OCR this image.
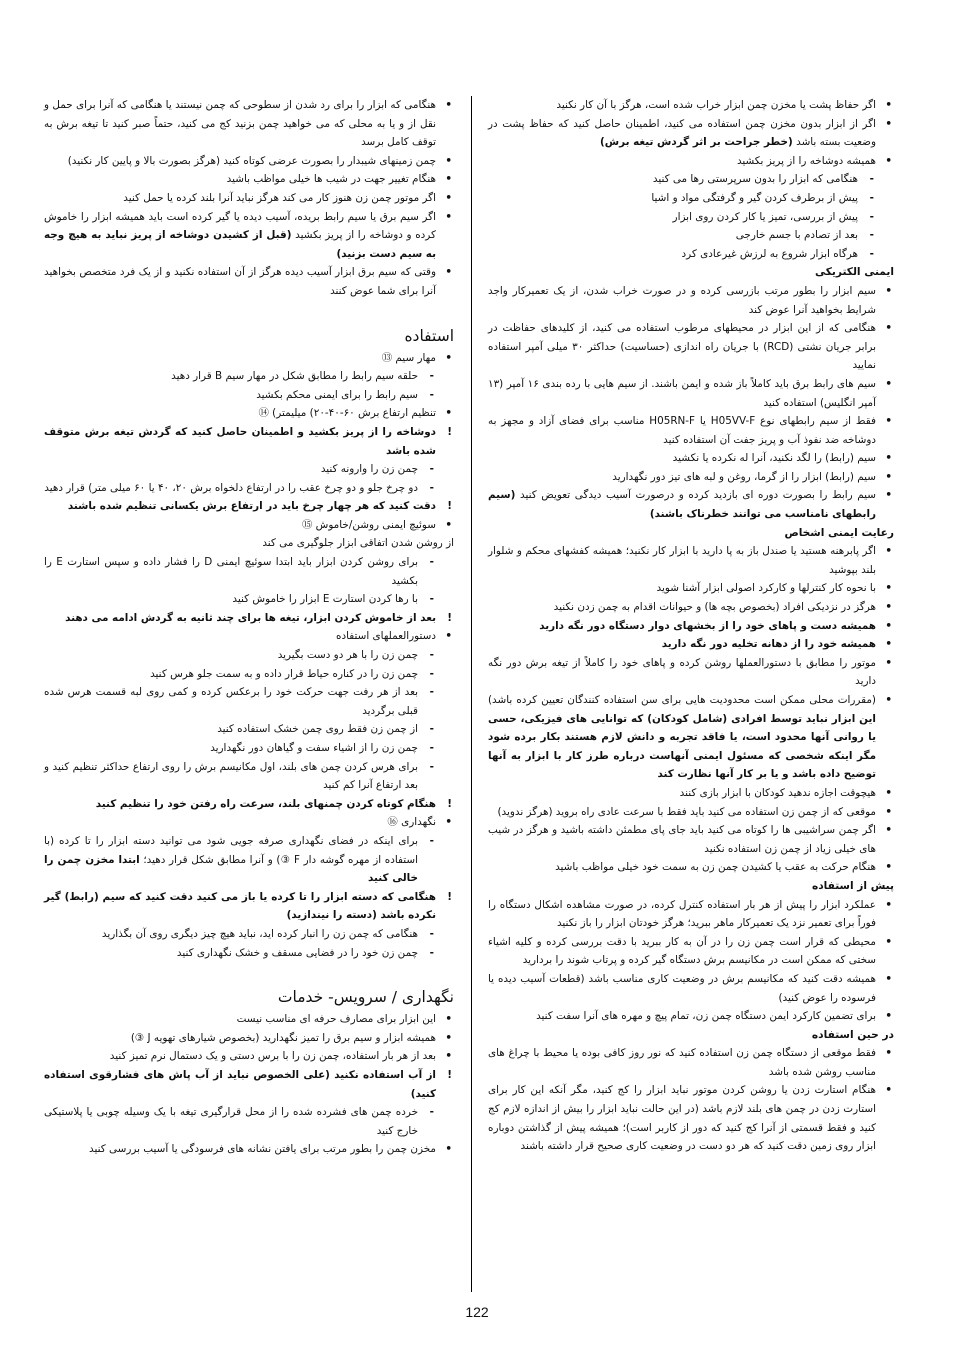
•
اگر حفاظ پشت یا مخزن چمن ابزار خراب شده است، هرگز با آن کار نکنید
•
اگر از ابزار بدون مخزن چمن استفاده می کنید، اطمینان حاصل کنید که حفاظ پشت در وضعیت بسته باشد (خطر جراحت بر اثر گردش تیغه برش)
•
همیشه دوشاخه را از پریز بکشید
-
هنگامی که ابزار را بدون سرپرستی رها می کنید
-
پیش از برطرف کردن گیر و گرفتگی مواد و اشیا
-
پیش از بررسی، تمیز یا کار کردن روی ابزار
-
بعد از تصادم با جسم خارجی
-
هرگاه ابزار شروع به لرزش غیرعادی کرد
ایمنی الکتریکی
•
سیم ابزار را بطور مرتب بازرسی کرده و در صورت خراب شدن، از یک تعمیرکار واجد شرایط بخواهید آنرا عوض کند
•
هنگامی که از این ابزار در محیطهای مرطوب استفاده می کنید، از کلیدهای حفاظت در برابر جریان نشتی (RCD) با جریان راه اندازی (حساسیت) حداکثر ۳۰ میلی آمپر استفاده نمایید
•
سیم های رابط برق باید کاملاً باز شده و ایمن باشند. از سیم هایی با رده بندی ۱۶ آمپر (۱۳ آمپر انگلیس) استفاده کنید
•
فقط از سیم رابطهای نوع H05VV-F یا H05RN-F مناسب برای فضای آزاد و مجهز به دوشاخه ضد نفوذ آب و پریز جفت آن استفاده کنید
•
سیم (رابط) را لگد نکنید، آنرا له نکرده یا نکشید
•
سیم (رابط) ابزار را از گرما، روغن و لبه های تیز دور نگهدارید
•
سیم رابط را بصورت دوره ای بازدید کرده و درصورت آسیب دیدگی تعویض کنید (سیم رابطهای نامناسب می توانند خطرناک باشند)
رعایت ایمنی اشخاص
•
اگر پابرهنه هستید یا صندل باز به پا دارید با ابزار کار نکنید؛ همیشه کفشهای محکم و شلوار بلند بپوشید
•
با نحوه کار کنترلها و کارکرد اصولی ابزار آشنا شوید
•
هرگز در نزدیکی افراد (بخصوص بچه ها) و حیوانات اقدام به چمن زدن نکنید
•
همیشه دست و پاهای خود را از بخشهای دوار دستگاه دور نگه دارید
•
همیشه خود را از دهانه تخلیه دور نگه دارید
•
موتور را مطابق با دستورالعملها روشن کرده و پاهای خود را کاملاً از تیغه برش دور نگه دارید
•
(مقررات محلی ممکن است محدودیت هایی برای سن استفاده کنندگان تعیین کرده باشد) این ابزار نباید توسط افرادی (شامل کودکان) که توانایی های فیزیکی، حسی یا روانی آنها محدود است، یا فاقد تجربه و دانش لازم هستند بکار برده شود مگر اینکه شخصی که مسئول ایمنی آنهاست درباره طرز کار با ابزار به آنها توضیح داده باشد و یا بر کار آنها نظارت کند
•
هیچوقت اجازه ندهید کودکان با ابزار بازی کنند
•
موقعی که از چمن زن استفاده می کنید باید فقط با سرعت عادی راه بروید (هرگز ندوید)
•
اگر چمن سراشیبی ها را کوتاه می کنید باید جای پای مطمئن داشته باشید و هرگز در شیب های خیلی زیاد از چمن زن استفاده نکنید
•
هنگام حرکت به عقب یا کشیدن چمن زن به سمت خود خیلی مواظب باشید
پیش از استفاده
•
عملکرد ابزار را پیش از هر بار استفاده کنترل کرده، در صورت مشاهده اشکال دستگاه را فوراً برای تعمیر نزد یک تعمیرکار ماهر ببرید؛ هرگز خودتان ابزار را باز نکنید
•
محیطی که قرار است چمن زن را در آن به کار ببرید با دقت بررسی کرده و کلیه اشیاء سختی که ممکن است در مکانیسم برش دستگاه گیر کرده و پرتاب شوند را بردارید
•
همیشه دقت کنید که مکانیسم برش در وضعیت کاری مناسب باشد (قطعات آسیب دیده یا فرسوده را عوض کنید)
•
برای تضمین کارکرد ایمن دستگاه چمن زن، تمام پیچ و مهره های آنرا سفت کنید
در حین استفاده
•
فقط موقعی از دستگاه چمن زن استفاده کنید که نور روز کافی بوده یا محیط با چراغ های مناسب روشن شده باشد
•
هنگام استارت زدن یا روشن کردن موتور نباید ابزار را کج کنید، مگر آنکه این کار برای استارت زدن در چمن های بلند لازم باشد (در این حالت نباید ابزار را بیش از اندازه لازم کج کنید و فقط قسمتی از آنرا کج کنید که دور از کاربر است)؛ همیشه پیش از گذاشتن دوباره ابزار روی زمین دقت کنید که هر دو دست در وضعیت کاری صحیح قرار داشته باشند
•
هنگامی که ابزار را برای رد شدن از سطوحی که چمن نیستند یا هنگامی که آنرا برای حمل و نقل از و یا به محلی که می خواهید چمن بزنید کج می کنید، حتماً صبر کنید تا تیغه برش به توقف کامل برسد
•
چمن زمینهای شیبدار را بصورت عرضی کوتاه کنید (هرگز بصورت بالا و پایین کار نکنید)
•
هنگام تغییر جهت در شیب ها خیلی مواظب باشید
•
اگر موتور چمن زن هنوز کار می کند هرگز نباید آنرا بلند کرده یا حمل کنید
•
اگر سیم برق یا سیم رابط بریده، آسیب دیده یا گیر کرده است باید همیشه ابزار را خاموش کرده و دوشاخه را از پریز بکشید (قبل از کشیدن دوشاخه از پریز نباید به هیچ وجه به سیم دست بزنید)
•
وقتی که سیم برق ابزار آسیب دیده هرگز از آن استفاده نکنید و از یک فرد متخصص بخواهید آنرا برای شما عوض کنند
استفاده
•
مهار سیم ⑬
-
حلقه سیم رابط را مطابق شکل در مهار سیم B قرار دهید
-
سیم رابط را برای ایمنی محکم بکشید
•
تنظیم ارتفاع برش ۶۰-۴۰-۲۰) میلیمتر) ⑭
!
دوشاخه را از پریز بکشید و اطمینان حاصل کنید که گردش تیغه برش متوقف شده باشد
-
چمن زن را وارونه کنید
-
دو چرخ جلو و دو چرخ عقب را در ارتفاع دلخواه برش ۲۰، ۴۰ یا ۶۰ میلی متر) قرار دهید
!
دقت کنید که هر چهار چرخ باید در ارتفاع برش یکسانی تنظیم شده باشند
•
سوئیچ ایمنی روشن/خاموش ⑮
از روشن شدن اتفاقی ابزار جلوگیری می کند
-
برای روشن کردن ابزار باید ابتدا سوئیچ ایمنی D را فشار داده و سپس استارت E را بکشید
-
با رها کردن استارت E ابزار را خاموش کنید
!
بعد از خاموش کردن ابزار، تیغه ها برای چند ثانیه به گردش ادامه می دهند
•
دستورالعملهای استفاده
-
چمن زن را با هر دو دست بگیرید
-
چمن زن را در کناره حیاط قرار داده و به سمت جلو هرس کنید
-
بعد از هر رفت جهت حرکت خود را برعکس کرده و کمی روی لبه قسمت هرس شده قبلی برگردید
-
از چمن زن فقط روی چمن خشک استفاده کنید
-
چمن زن را از اشیاء سفت و گیاهان دور نگهدارید
-
برای هرس کردن چمن های بلند، اول مکانیسم برش را روی ارتفاع حداکثر تنظیم کنید و بعد ارتفاع آنرا کم کنید
!
هنگام کوتاه کردن چمنهای بلند، سرعت راه رفتن خود را تنظیم کنید
•
نگهداری ⑯
-
برای اینکه در فضای نگهداری صرفه جویی شود می توانید دسته ابزار را تا کرده (با استفاده از مهره گوشه دار F ③) و آنرا مطابق شکل قرار دهید؛ ابتدا مخزن چمن را خالی کنید
!
هنگامی که دسته ابزار را تا کرده یا باز می کنید دقت کنید که سیم (رابط) گیر نکرده باشد (دسته را نیندازید)
-
هنگامی که چمن زن را انبار کرده اید، نباید هیچ چیز دیگری روی آن بگذارید
-
چمن زن خود را در فضایی مسقف و خشک نگهداری کنید
نگهداری / سرویس- خدمات
•
این ابزار برای مصارف حرفه ای مناسب نیست
•
همیشه ابزار و سیم برق را تمیز نگهدارید (بخصوص شیارهای تهویه J ③)
•
بعد از هر بار استفاده، چمن زن را با برس دستی و یک دستمال نرم تمیز کنید
!
از آب استفاده نکنید (علی الخصوص نباید از آب پاش های فشارقوی استفاده کنید)
-
خرده چمن های فشرده شده را از محل قرارگیری تیغه با یک وسیله چوبی یا پلاستیکی خارج کنید
•
مخزن چمن را بطور مرتب برای یافتن نشانه های فرسودگی یا آسیب بررسی کنید
122
